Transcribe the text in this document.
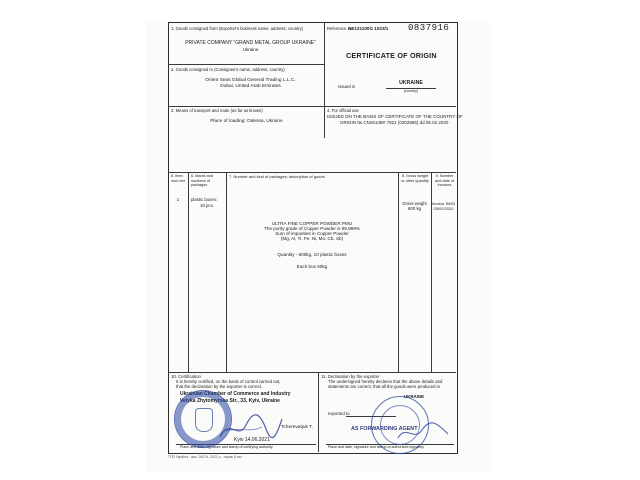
1. Goods consigned from (Exporter's business name, address, country)
PRIVATE COMPANY "GRAND METAL GROUP UKRAINE"
Ukraine
Reference №
AE131100G 1023/1 0837916
CERTIFICATE OF ORIGIN
Issued in
UKRAINE
(country)
2. Goods consigned to (Consignee's name, address, country)
Orient Seas Global General Trading L.L.C.
Dubai, United Arab Emirates
3. Means of transport and route (as far as known)
Place of loading: Odessa, Ukraine
4. For official use
ISSUED ON THE BASIS OF CERTIFICATE OF THE COUNTRY OF
ORIGIN № CN2613B# 7821 (0302885) dd 05.02.2020
5. Item num-ber
6. Marks and numbers of packages
7. Number and kind of packages; description of goods	8. Gross weight or other quantity
9. Number and date of invoices
1	plastic boxes:
10 pcs.
ULTRA FINE COPPER POWDER PMU
The purity grade of Copper Powder is 99,999%
Sum of impurities in Copper Powder
(Mg, Al, Ti, Fe, Ni, Mo, Cb, Sb)
Quantity - 600kg, 10 plastic boxes
Each box 60kg
Gross weight
600 kg
invoice S693
03/02/2020
10. Certification
It is hereby certified, on the basis of control carried out,
that the declaration by the exporter is correct.
Ukrainian Chamber of Commerce and Industry
Velyka Zhytomyrska Str., 33, Kyiv, Ukraine
Tcherevatjuk T.
Kyiv 14.06.2021
Place and date, signature and stamp of certifying authority
11. Declaration by the exporter
The undersigned hereby declares that the above details and
statements are correct; that all the goods were produced in
UKRAINE
exported to
Place and date, signature and stamp of authorised signatory
AS FORWARDING AGENT
ТПП Україна · зам. 2647А, 2021 р., тираж 8 тис.
